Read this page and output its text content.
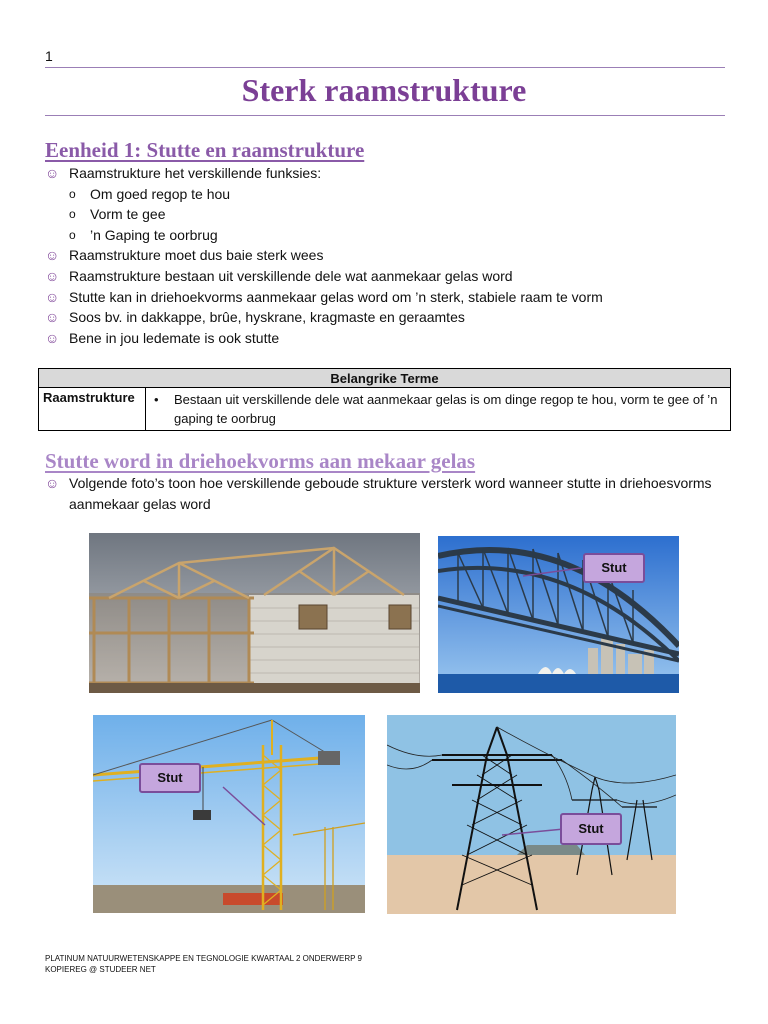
1
Sterk raamstrukture
Eenheid 1: Stutte en raamstrukture
☺ Raamstrukture het verskillende funksies:
o Om goed regop te hou
o Vorm te gee
o ’n Gaping te oorbrug
☺ Raamstrukture moet dus baie sterk wees
☺ Raamstrukture bestaan uit verskillende dele wat aanmekaar gelas word
☺ Stutte kan in driehoekvorms aanmekaar gelas word om ’n sterk, stabiele raam te vorm
☺ Soos bv. in dakkappe, brûe, hyskrane, kragmaste en geraamtes
☺ Bene in jou ledemate is ook stutte
Belangrike Terme
Raamstrukture	• Bestaan uit verskillende dele wat aanmekaar gelas is om dinge regop te hou, vorm te gee of ’n gaping te oorbrug
Stutte word in driehoekvorms aan mekaar gelas
☺ Volgende foto’s toon hoe verskillende geboude strukture versterk word wanneer stutte in driehoesvorms aanmekaar gelas word
Stut
Stut
Stut
PLATINUM NATUURWETENSKAPPE EN TEGNOLOGIE KWARTAAL 2 ONDERWERP 9
KOPIEREG @ STUDEER NET
